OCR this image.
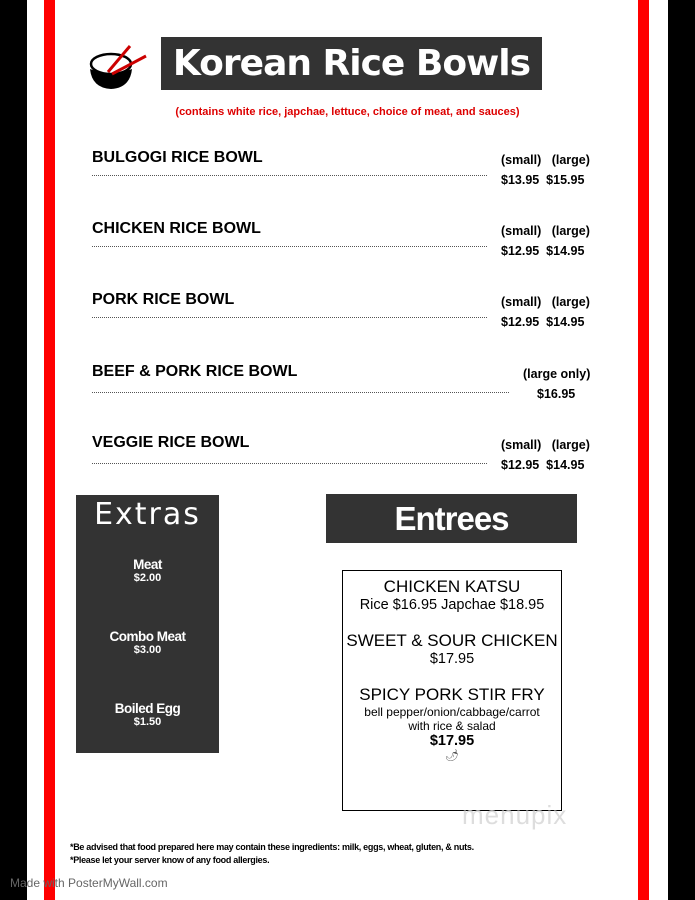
Korean Rice Bowls
(contains white rice, japchae, lettuce, choice of meat, and sauces)
BULGOGI RICE BOWL	(small)   (large)
$13.95  $15.95
CHICKEN RICE BOWL	(small)   (large)
$12.95  $14.95
PORK RICE BOWL	(small)   (large)
$12.95  $14.95
BEEF & PORK RICE BOWL	(large only)
$16.95
VEGGIE RICE BOWL	(small)   (large)
$12.95  $14.95
Extras
Meat
$2.00
Combo Meat
$3.00
Boiled Egg
$1.50
Entrees
CHICKEN KATSU
Rice $16.95 Japchae $18.95
SWEET & SOUR CHICKEN
$17.95
SPICY PORK STIR FRY
bell pepper/onion/cabbage/carrot
with rice & salad
$17.95
🌶
menupix
*Be advised that food prepared here may contain these ingredients: milk, eggs, wheat, gluten, & nuts.
*Please let your server know of any food allergies.
Made with PosterMyWall.com
